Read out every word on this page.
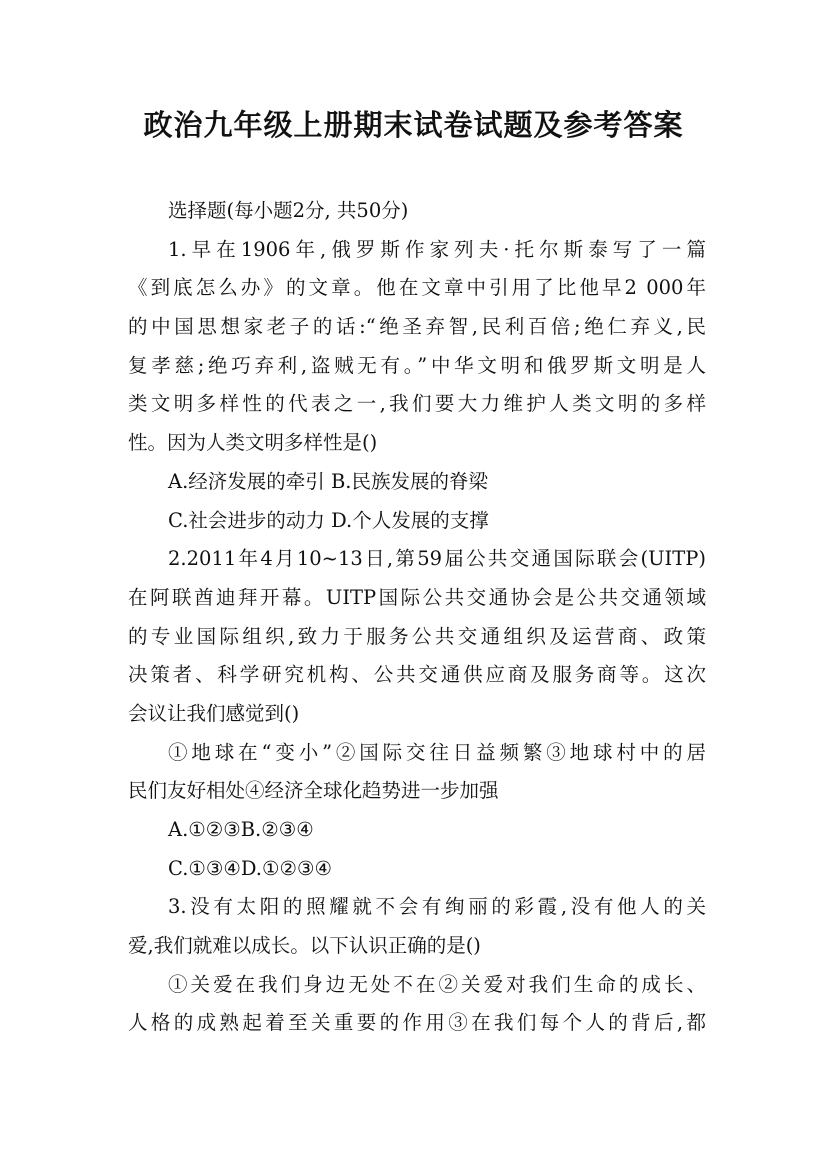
政治九年级上册期末试卷试题及参考答案
选择题(每小题2分, 共50分)
1.早在1906年,俄罗斯作家列夫·托尔斯泰写了一篇
《到底怎么办》的文章。他在文章中引用了比他早2 000年
的中国思想家老子的话:“绝圣弃智,民利百倍;绝仁弃义,民
复孝慈;绝巧弃利,盗贼无有。”中华文明和俄罗斯文明是人
类文明多样性的代表之一,我们要大力维护人类文明的多样
性。因为人类文明多样性是()
A.经济发展的牵引 B.民族发展的脊梁
C.社会进步的动力 D.个人发展的支撑
2.2011年4月10~13日,第59届公共交通国际联会(UITP)
在阿联酋迪拜开幕。UITP国际公共交通协会是公共交通领域
的专业国际组织,致力于服务公共交通组织及运营商、政策
决策者、科学研究机构、公共交通供应商及服务商等。这次
会议让我们感觉到()
①地球在“变小”②国际交往日益频繁③地球村中的居
民们友好相处④经济全球化趋势进一步加强
A.①②③B.②③④
C.①③④D.①②③④
3.没有太阳的照耀就不会有绚丽的彩霞,没有他人的关
爱,我们就难以成长。以下认识正确的是()
①关爱在我们身边无处不在②关爱对我们生命的成长、
人格的成熟起着至关重要的作用③在我们每个人的背后,都
